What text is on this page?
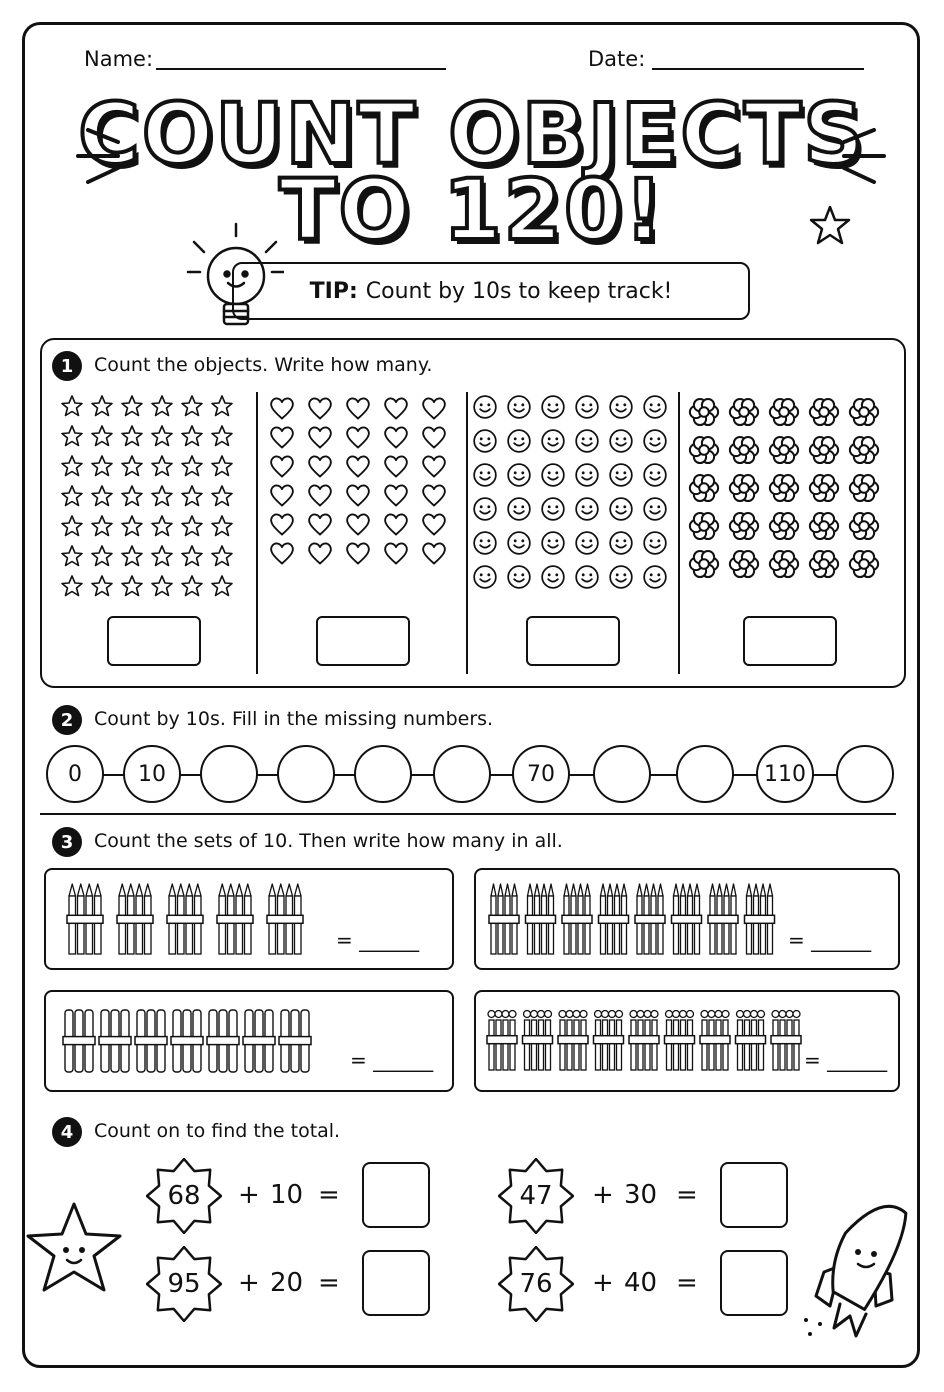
Name:	Date:
COUNT OBJECTS
TO 120!
TIP: Count by 10s to keep track!
1	Count the objects. Write how many.
2	Count by 10s. Fill in the missing numbers.
0	10	70	110
3	Count the sets of 10. Then write how many in all.
= ______	= ______
= ______	= ______
4	Count on to find the total.
68 + 10 =	47 + 30 =
95 + 20 =	76 + 40 =
